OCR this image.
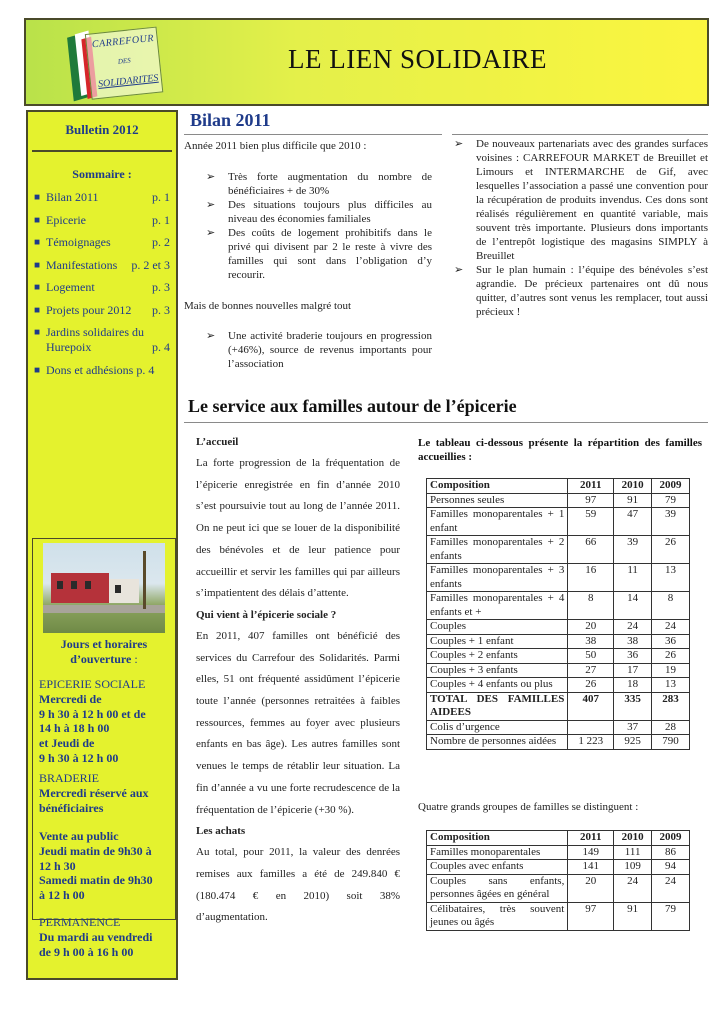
CARREFOUR
DES
SOLIDARITES
LE LIEN SOLIDAIRE
Bulletin 2012
Sommaire :
■ Bilan 2011	p. 1
■ Epicerie	p. 1
■ Témoignages	p. 2
■ Manifestations p. 2 et 3
■ Logement	p. 3
■ Projets pour 2012 p. 3
■ Jardins solidaires du
Hurepoix	p. 4
■ Dons et adhésions p. 4
Jours et horaires
d’ouverture :
EPICERIE SOCIALE
Mercredi de
9 h 30 à 12 h 00 et de
14 h à 18 h 00
et Jeudi de
9 h 30 à 12 h 00
BRADERIE
Mercredi réservé aux
bénéficiaires
Vente au public
Jeudi matin de 9h30 à
12 h 30
Samedi matin de 9h30
à 12 h 00
PERMANENCE
Du mardi au vendredi
de 9 h 00 à 16 h 00
Bilan 2011
Année 2011 bien plus difficile que 2010 :
➢ Très forte augmentation du nombre de bénéficiaires + de 30%
➢ Des situations toujours plus difficiles au niveau des économies familiales
➢ Des coûts de logement prohibitifs dans le privé qui divisent par 2 le reste à vivre des familles qui sont dans l’obligation d’y recourir.
Mais de bonnes nouvelles malgré tout
➢ Une activité braderie toujours en progression (+46%), source de revenus importants pour l’association
➢ De nouveaux partenariats avec des grandes surfaces voisines : CARREFOUR MARKET de Breuillet et Limours et INTERMARCHE de Gif, avec lesquelles l’association a passé une convention pour la récupération de produits invendus. Ces dons sont réalisés régulièrement en quantité variable, mais souvent très importante. Plusieurs dons importants de l’entrepôt logistique des magasins SIMPLY à Breuillet
➢ Sur le plan humain : l’équipe des bénévoles s’est agrandie. De précieux partenaires ont dû nous quitter, d’autres sont venus les remplacer, tout aussi précieux !
Le service aux familles autour de l’épicerie
L’accueil
La forte progression de la fréquentation de l’épicerie enregistrée en fin d’année 2010 s’est poursuivie tout au long de l’année 2011. On ne peut ici que se louer de la disponibilité des bénévoles et de leur patience pour accueillir et servir les familles qui par ailleurs s’impatientent des délais d’attente.
Qui vient à l’épicerie sociale ?
En 2011, 407 familles ont bénéficié des services du Carrefour des Solidarités. Parmi elles, 51 ont fréquenté assidûment l’épicerie toute l’année (personnes retraitées à faibles ressources, femmes au foyer avec plusieurs enfants en bas âge). Les autres familles sont venues le temps de rétablir leur situation. La fin d’année a vu une forte recrudescence de la fréquentation de l’épicerie (+30 %).
Les achats
Au total, pour 2011, la valeur des denrées remises aux familles a été de 249.840 € (180.474 € en 2010) soit 38% d’augmentation.
Le tableau ci-dessous présente la répartition des familles accueillies :
Composition	2011	2010	2009
Personnes seules	97	91	79
Familles monoparentales + 1 enfant	59	47	39
Familles monoparentales + 2 enfants	66	39	26
Familles monoparentales + 3 enfants	16	11	13
Familles monoparentales + 4 enfants et +	8	14	8
Couples	20	24	24
Couples + 1 enfant	38	38	36
Couples + 2 enfants	50	36	26
Couples + 3 enfants	27	17	19
Couples + 4 enfants ou plus	26	18	13
TOTAL DES FAMILLES AIDEES	407	335	283
Colis d’urgence		37	28
Nombre de personnes aidées	1 223	925	790
Quatre grands groupes de familles se distinguent :
Composition	2011	2010	2009
Familles monoparentales	149	111	86
Couples avec enfants	141	109	94
Couples sans enfants, personnes âgées en général	20	24	24
Célibataires, très souvent jeunes ou âgés	97	91	79
